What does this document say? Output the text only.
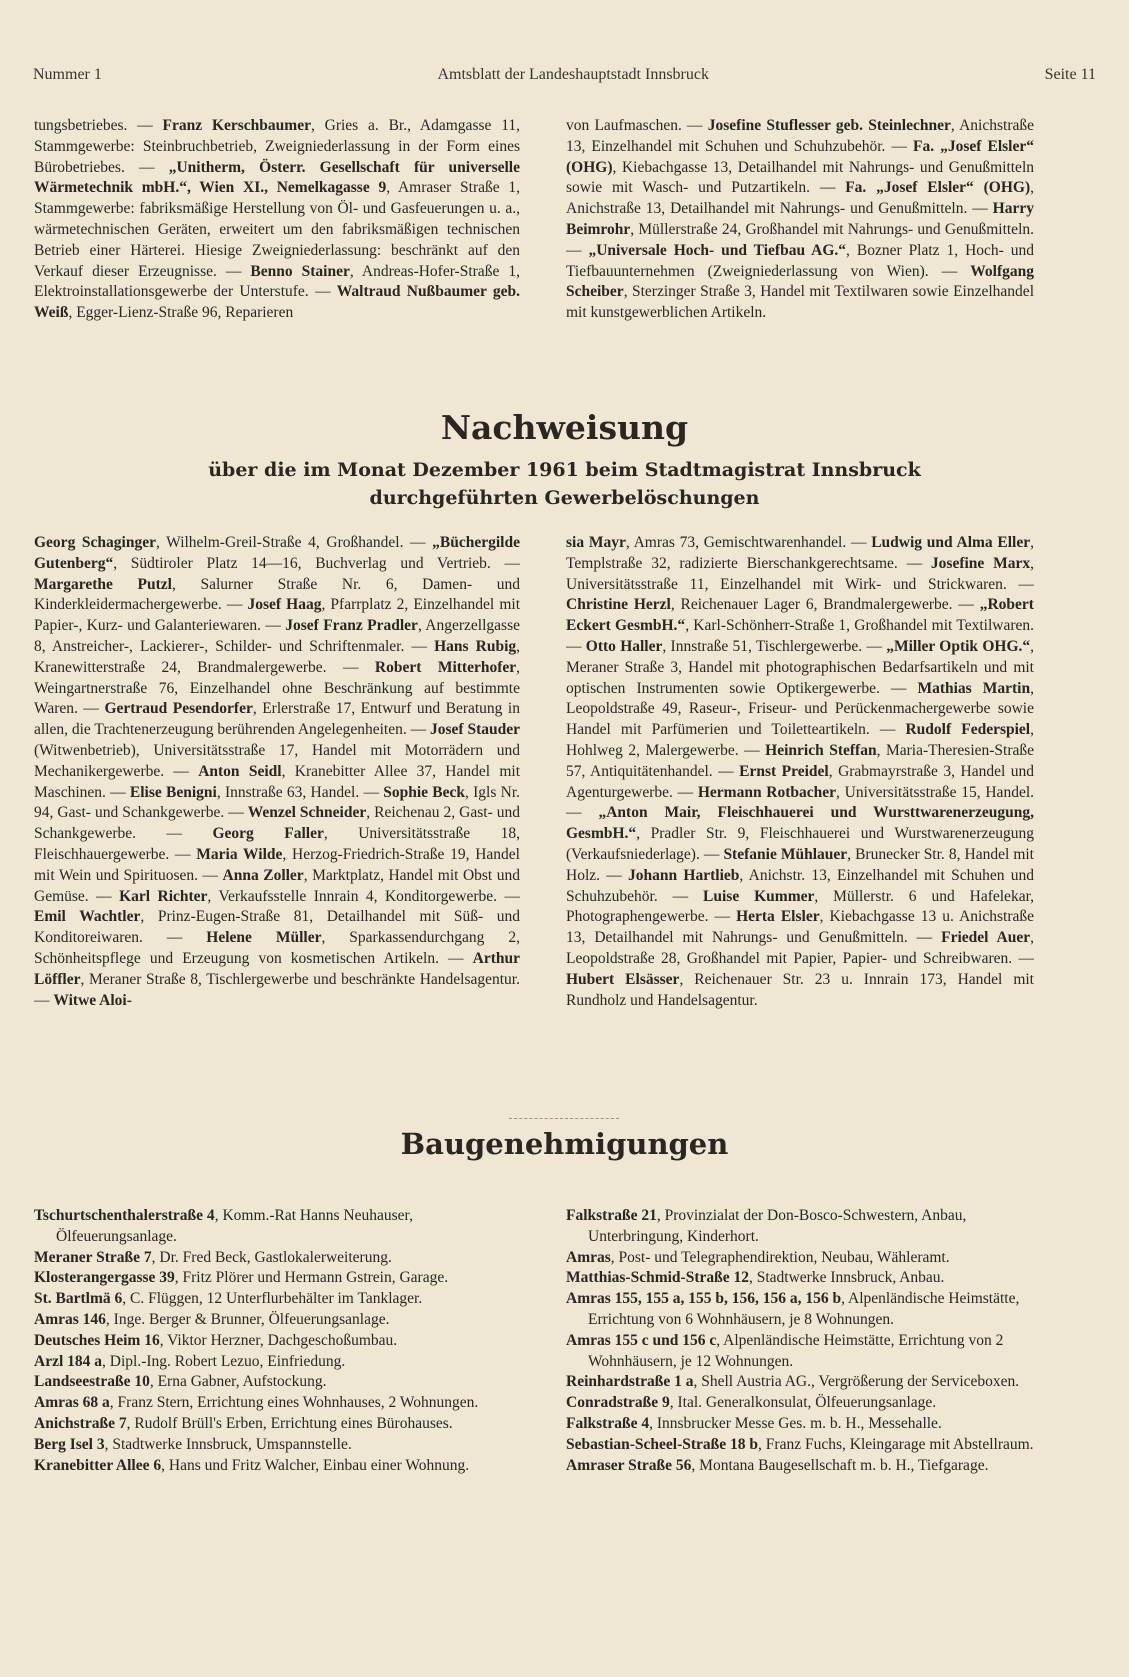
Nummer 1	Amtsblatt der Landeshauptstadt Innsbruck	Seite 11
tungsbetriebes. — Franz Kerschbaumer, Gries a. Br., Adamgasse 11, Stammgewerbe: Steinbruchbetrieb, Zweigniederlassung in der Form eines Bürobetriebes. — „Unitherm, Österr. Gesellschaft für universelle Wärmetechnik mbH.“, Wien XI., Nemelkagasse 9, Amraser Straße 1, Stammgewerbe: fabriksmäßige Herstellung von Öl- und Gasfeuerungen u. a., wärmetechnischen Geräten, erweitert um den fabriksmäßigen technischen Betrieb einer Härterei. Hiesige Zweigniederlassung: beschränkt auf den Verkauf dieser Erzeugnisse. — Benno Stainer, Andreas-Hofer-Straße 1, Elektroinstallationsgewerbe der Unterstufe. — Waltraud Nußbaumer geb. Weiß, Egger-Lienz-Straße 96, Reparieren
von Laufmaschen. — Josefine Stuflesser geb. Steinlechner, Anichstraße 13, Einzelhandel mit Schuhen und Schuhzubehör. — Fa. „Josef Elsler“ (OHG), Kiebachgasse 13, Detailhandel mit Nahrungs- und Genußmitteln sowie mit Wasch- und Putzartikeln. — Fa. „Josef Elsler“ (OHG), Anichstraße 13, Detailhandel mit Nahrungs- und Genußmitteln. — Harry Beimrohr, Müllerstraße 24, Großhandel mit Nahrungs- und Genußmitteln. — „Universale Hoch- und Tiefbau AG.“, Bozner Platz 1, Hoch- und Tiefbauunternehmen (Zweigniederlassung von Wien). — Wolfgang Scheiber, Sterzinger Straße 3, Handel mit Textilwaren sowie Einzelhandel mit kunstgewerblichen Artikeln.
Nachweisung
über die im Monat Dezember 1961 beim Stadtmagistrat Innsbruck
durchgeführten Gewerbelöschungen
Georg Schaginger, Wilhelm-Greil-Straße 4, Großhandel. — „Büchergilde Gutenberg“, Südtiroler Platz 14—16, Buchverlag und Vertrieb. — Margarethe Putzl, Salurner Straße Nr. 6, Damen- und Kinderkleidermachergewerbe. — Josef Haag, Pfarrplatz 2, Einzelhandel mit Papier-, Kurz- und Galanteriewaren. — Josef Franz Pradler, Angerzellgasse 8, Anstreicher-, Lackierer-, Schilder- und Schriftenmaler. — Hans Rubig, Kranewitterstraße 24, Brandmalergewerbe. — Robert Mitterhofer, Weingartnerstraße 76, Einzelhandel ohne Beschränkung auf bestimmte Waren. — Gertraud Pesendorfer, Erlerstraße 17, Entwurf und Beratung in allen, die Trachtenerzeugung berührenden Angelegenheiten. — Josef Stauder (Witwenbetrieb), Universitätsstraße 17, Handel mit Motorrädern und Mechanikergewerbe. — Anton Seidl, Kranebitter Allee 37, Handel mit Maschinen. — Elise Benigni, Innstraße 63, Handel. — Sophie Beck, Igls Nr. 94, Gast- und Schankgewerbe. — Wenzel Schneider, Reichenau 2, Gast- und Schankgewerbe. — Georg Faller, Universitätsstraße 18, Fleischhauergewerbe. — Maria Wilde, Herzog-Friedrich-Straße 19, Handel mit Wein und Spirituosen. — Anna Zoller, Marktplatz, Handel mit Obst und Gemüse. — Karl Richter, Verkaufsstelle Innrain 4, Konditorgewerbe. — Emil Wachtler, Prinz-Eugen-Straße 81, Detailhandel mit Süß- und Konditoreiwaren. — Helene Müller, Sparkassendurchgang 2, Schönheitspflege und Erzeugung von kosmetischen Artikeln. — Arthur Löffler, Meraner Straße 8, Tischlergewerbe und beschränkte Handelsagentur. — Witwe Aloi-
sia Mayr, Amras 73, Gemischtwarenhandel. — Ludwig und Alma Eller, Templstraße 32, radizierte Bierschankgerechtsame. — Josefine Marx, Universitätsstraße 11, Einzelhandel mit Wirk- und Strickwaren. — Christine Herzl, Reichenauer Lager 6, Brandmalergewerbe. — „Robert Eckert GesmbH.“, Karl-Schönherr-Straße 1, Großhandel mit Textilwaren. — Otto Haller, Innstraße 51, Tischlergewerbe. — „Miller Optik OHG.“, Meraner Straße 3, Handel mit photographischen Bedarfsartikeln und mit optischen Instrumenten sowie Optikergewerbe. — Mathias Martin, Leopoldstraße 49, Raseur-, Friseur- und Perückenmachergewerbe sowie Handel mit Parfümerien und Toiletteartikeln. — Rudolf Federspiel, Hohlweg 2, Malergewerbe. — Heinrich Steffan, Maria-Theresien-Straße 57, Antiquitätenhandel. — Ernst Preidel, Grabmayrstraße 3, Handel und Agenturgewerbe. — Hermann Rotbacher, Universitätsstraße 15, Handel. — „Anton Mair, Fleischhauerei und Wursttwarenerzeugung, GesmbH.“, Pradler Str. 9, Fleischhauerei und Wurstwarenerzeugung (Verkaufsniederlage). — Stefanie Mühlauer, Brunecker Str. 8, Handel mit Holz. — Johann Hartlieb, Anichstr. 13, Einzelhandel mit Schuhen und Schuhzubehör. — Luise Kummer, Müllerstr. 6 und Hafelekar, Photographengewerbe. — Herta Elsler, Kiebachgasse 13 u. Anichstraße 13, Detailhandel mit Nahrungs- und Genußmitteln. — Friedel Auer, Leopoldstraße 28, Großhandel mit Papier, Papier- und Schreibwaren. — Hubert Elsässer, Reichenauer Str. 23 u. Innrain 173, Handel mit Rundholz und Handelsagentur.
Baugenehmigungen
Tschurtschenthalerstraße 4, Komm.-Rat Hanns Neuhauser, Ölfeuerungsanlage.
Meraner Straße 7, Dr. Fred Beck, Gastlokalerweiterung.
Klosterangergasse 39, Fritz Plörer und Hermann Gstrein, Garage.
St. Bartlmä 6, C. Flüggen, 12 Unterflurbehälter im Tanklager.
Amras 146, Inge. Berger & Brunner, Ölfeuerungsanlage.
Deutsches Heim 16, Viktor Herzner, Dachgeschoßumbau.
Arzl 184 a, Dipl.-Ing. Robert Lezuo, Einfriedung.
Landseestraße 10, Erna Gabner, Aufstockung.
Amras 68 a, Franz Stern, Errichtung eines Wohnhauses, 2 Wohnungen.
Anichstraße 7, Rudolf Brüll's Erben, Errichtung eines Bürohauses.
Berg Isel 3, Stadtwerke Innsbruck, Umspannstelle.
Kranebitter Allee 6, Hans und Fritz Walcher, Einbau einer Wohnung.
Falkstraße 21, Provinzialat der Don-Bosco-Schwestern, Anbau, Unterbringung, Kinderhort.
Amras, Post- und Telegraphendirektion, Neubau, Wähleramt.
Matthias-Schmid-Straße 12, Stadtwerke Innsbruck, Anbau.
Amras 155, 155 a, 155 b, 156, 156 a, 156 b, Alpenländische Heimstätte, Errichtung von 6 Wohnhäusern, je 8 Wohnungen.
Amras 155 c und 156 c, Alpenländische Heimstätte, Errichtung von 2 Wohnhäusern, je 12 Wohnungen.
Reinhardstraße 1 a, Shell Austria AG., Vergrößerung der Serviceboxen.
Conradstraße 9, Ital. Generalkonsulat, Ölfeuerungsanlage.
Falkstraße 4, Innsbrucker Messe Ges. m. b. H., Messehalle.
Sebastian-Scheel-Straße 18 b, Franz Fuchs, Kleingarage mit Abstellraum.
Amraser Straße 56, Montana Baugesellschaft m. b. H., Tiefgarage.
